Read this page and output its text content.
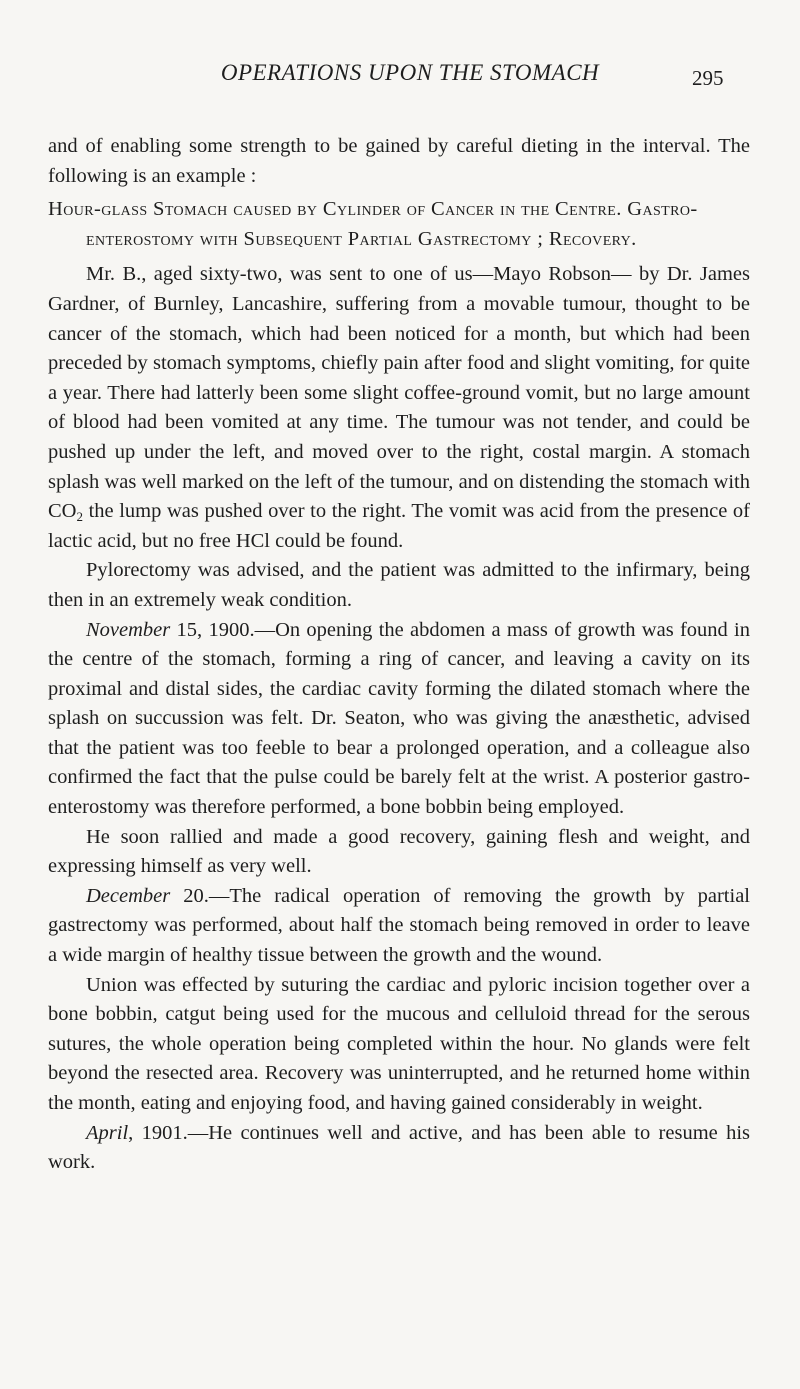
OPERATIONS UPON THE STOMACH	295

and of enabling some strength to be gained by careful dieting in the interval. The following is an example :

Hour-glass Stomach caused by Cylinder of Cancer in the Centre. Gastro-enterostomy with Subsequent Partial Gastrectomy ; Recovery.

Mr. B., aged sixty-two, was sent to one of us—Mayo Robson— by Dr. James Gardner, of Burnley, Lancashire, suffering from a movable tumour, thought to be cancer of the stomach, which had been noticed for a month, but which had been preceded by stomach symptoms, chiefly pain after food and slight vomiting, for quite a year. There had latterly been some slight coffee-ground vomit, but no large amount of blood had been vomited at any time. The tumour was not tender, and could be pushed up under the left, and moved over to the right, costal margin. A stomach splash was well marked on the left of the tumour, and on distending the stomach with $CO_2$ the lump was pushed over to the right. The vomit was acid from the presence of lactic acid, but no free HCl could be found.

Pylorectomy was advised, and the patient was admitted to the infirmary, being then in an extremely weak condition.

November 15, 1900.—On opening the abdomen a mass of growth was found in the centre of the stomach, forming a ring of cancer, and leaving a cavity on its proximal and distal sides, the cardiac cavity forming the dilated stomach where the splash on succussion was felt. Dr. Seaton, who was giving the anæsthetic, advised that the patient was too feeble to bear a prolonged operation, and a colleague also confirmed the fact that the pulse could be barely felt at the wrist. A posterior gastro-enterostomy was therefore performed, a bone bobbin being employed.

He soon rallied and made a good recovery, gaining flesh and weight, and expressing himself as very well.

December 20.—The radical operation of removing the growth by partial gastrectomy was performed, about half the stomach being removed in order to leave a wide margin of healthy tissue between the growth and the wound.

Union was effected by suturing the cardiac and pyloric incision together over a bone bobbin, catgut being used for the mucous and celluloid thread for the serous sutures, the whole operation being completed within the hour. No glands were felt beyond the resected area. Recovery was uninterrupted, and he returned home within the month, eating and enjoying food, and having gained considerably in weight.

April, 1901.—He continues well and active, and has been able to resume his work.
